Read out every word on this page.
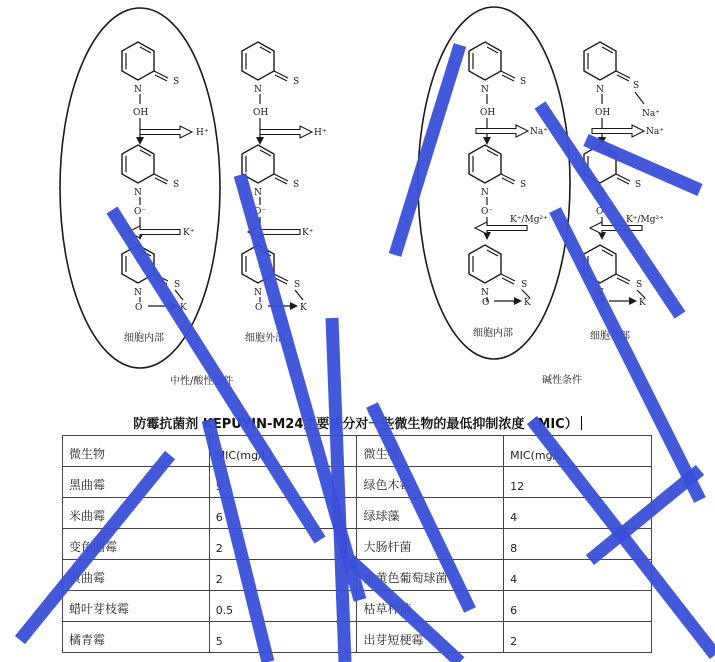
S
N
OH
H⁺
S
N
O⁻
K⁺
S
N
O	K
S
N
OH
H⁺
S
N
O⁻
K⁺
S
N
O	K
细胞内部	细胞外部
中性/酸性条件
S
N
OH
Na⁺
S
N
O⁻
K⁺/Mg²⁺
S
N
O	K
S
Na⁺
N
OH
Na⁺
S
N
O⁻
K⁺/Mg²⁺
S
N
O	K
细胞内部	细胞外部
碱性条件
防霉抗菌剂 KEPUYIN-M24主要成分对一些微生物的最低抑制浓度（MIC）
微生物	MIC(mg/L)	微生物	MIC(mg/L)
黑曲霉	5	绿色木霉	12
米曲霉	6	绿球藻	4
变色曲霉	2	大肠杆菌	8
黄曲霉	2	金黄色葡萄球菌	4
蜡叶芽枝霉	0.5	枯草杆菌	6
橘青霉	5	出芽短梗霉	2
